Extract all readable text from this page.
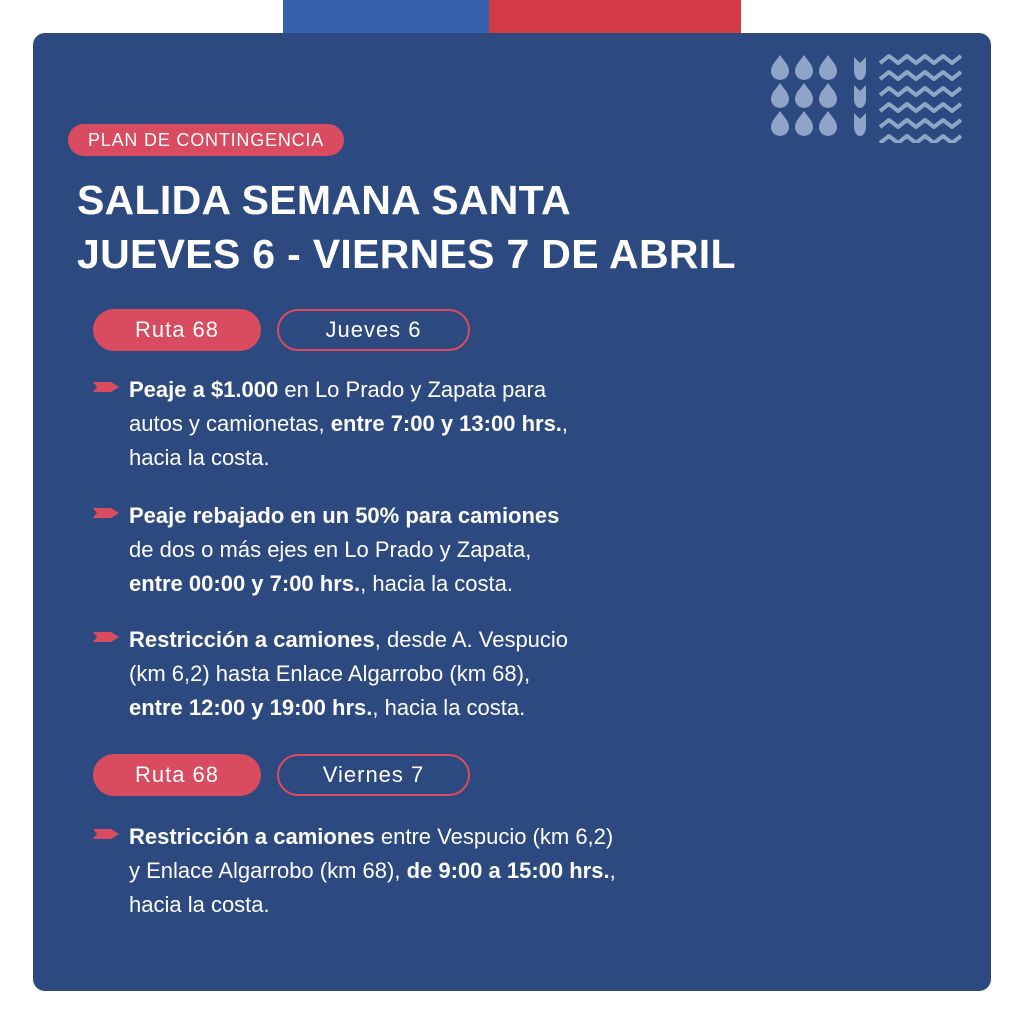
PLAN DE CONTINGENCIA
SALIDA SEMANA SANTA
JUEVES 6 - VIERNES 7 DE ABRIL
Ruta 68	Jueves 6
Peaje a $1.000 en Lo Prado y Zapata para
autos y camionetas, entre 7:00 y 13:00 hrs.,
hacia la costa.
Peaje rebajado en un 50% para camiones
de dos o más ejes en Lo Prado y Zapata,
entre 00:00 y 7:00 hrs., hacia la costa.
Restricción a camiones, desde A. Vespucio
(km 6,2) hasta Enlace Algarrobo (km 68),
entre 12:00 y 19:00 hrs., hacia la costa.
Ruta 68	Viernes 7
Restricción a camiones entre Vespucio (km 6,2)
y Enlace Algarrobo (km 68), de 9:00 a 15:00 hrs.,
hacia la costa.
